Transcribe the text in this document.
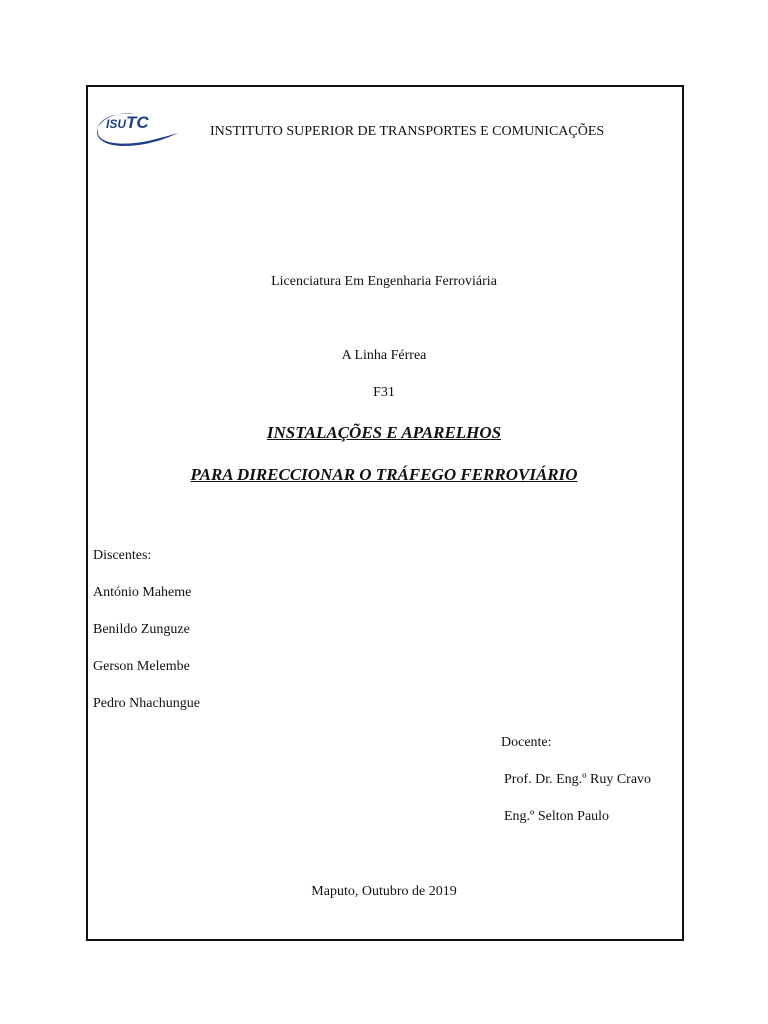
ISUTC	INSTITUTO SUPERIOR DE TRANSPORTES E COMUNICAÇÕES
Licenciatura Em Engenharia Ferroviária
A Linha Férrea
F31
INSTALAÇÕES E APARELHOS
PARA DIRECCIONAR O TRÁFEGO FERROVIÁRIO
Discentes:
António Maheme
Benildo Zunguze
Gerson Melembe
Pedro Nhachungue
Docente:
Prof. Dr. Eng.º Ruy Cravo
Eng.º Selton Paulo
Maputo, Outubro de 2019
